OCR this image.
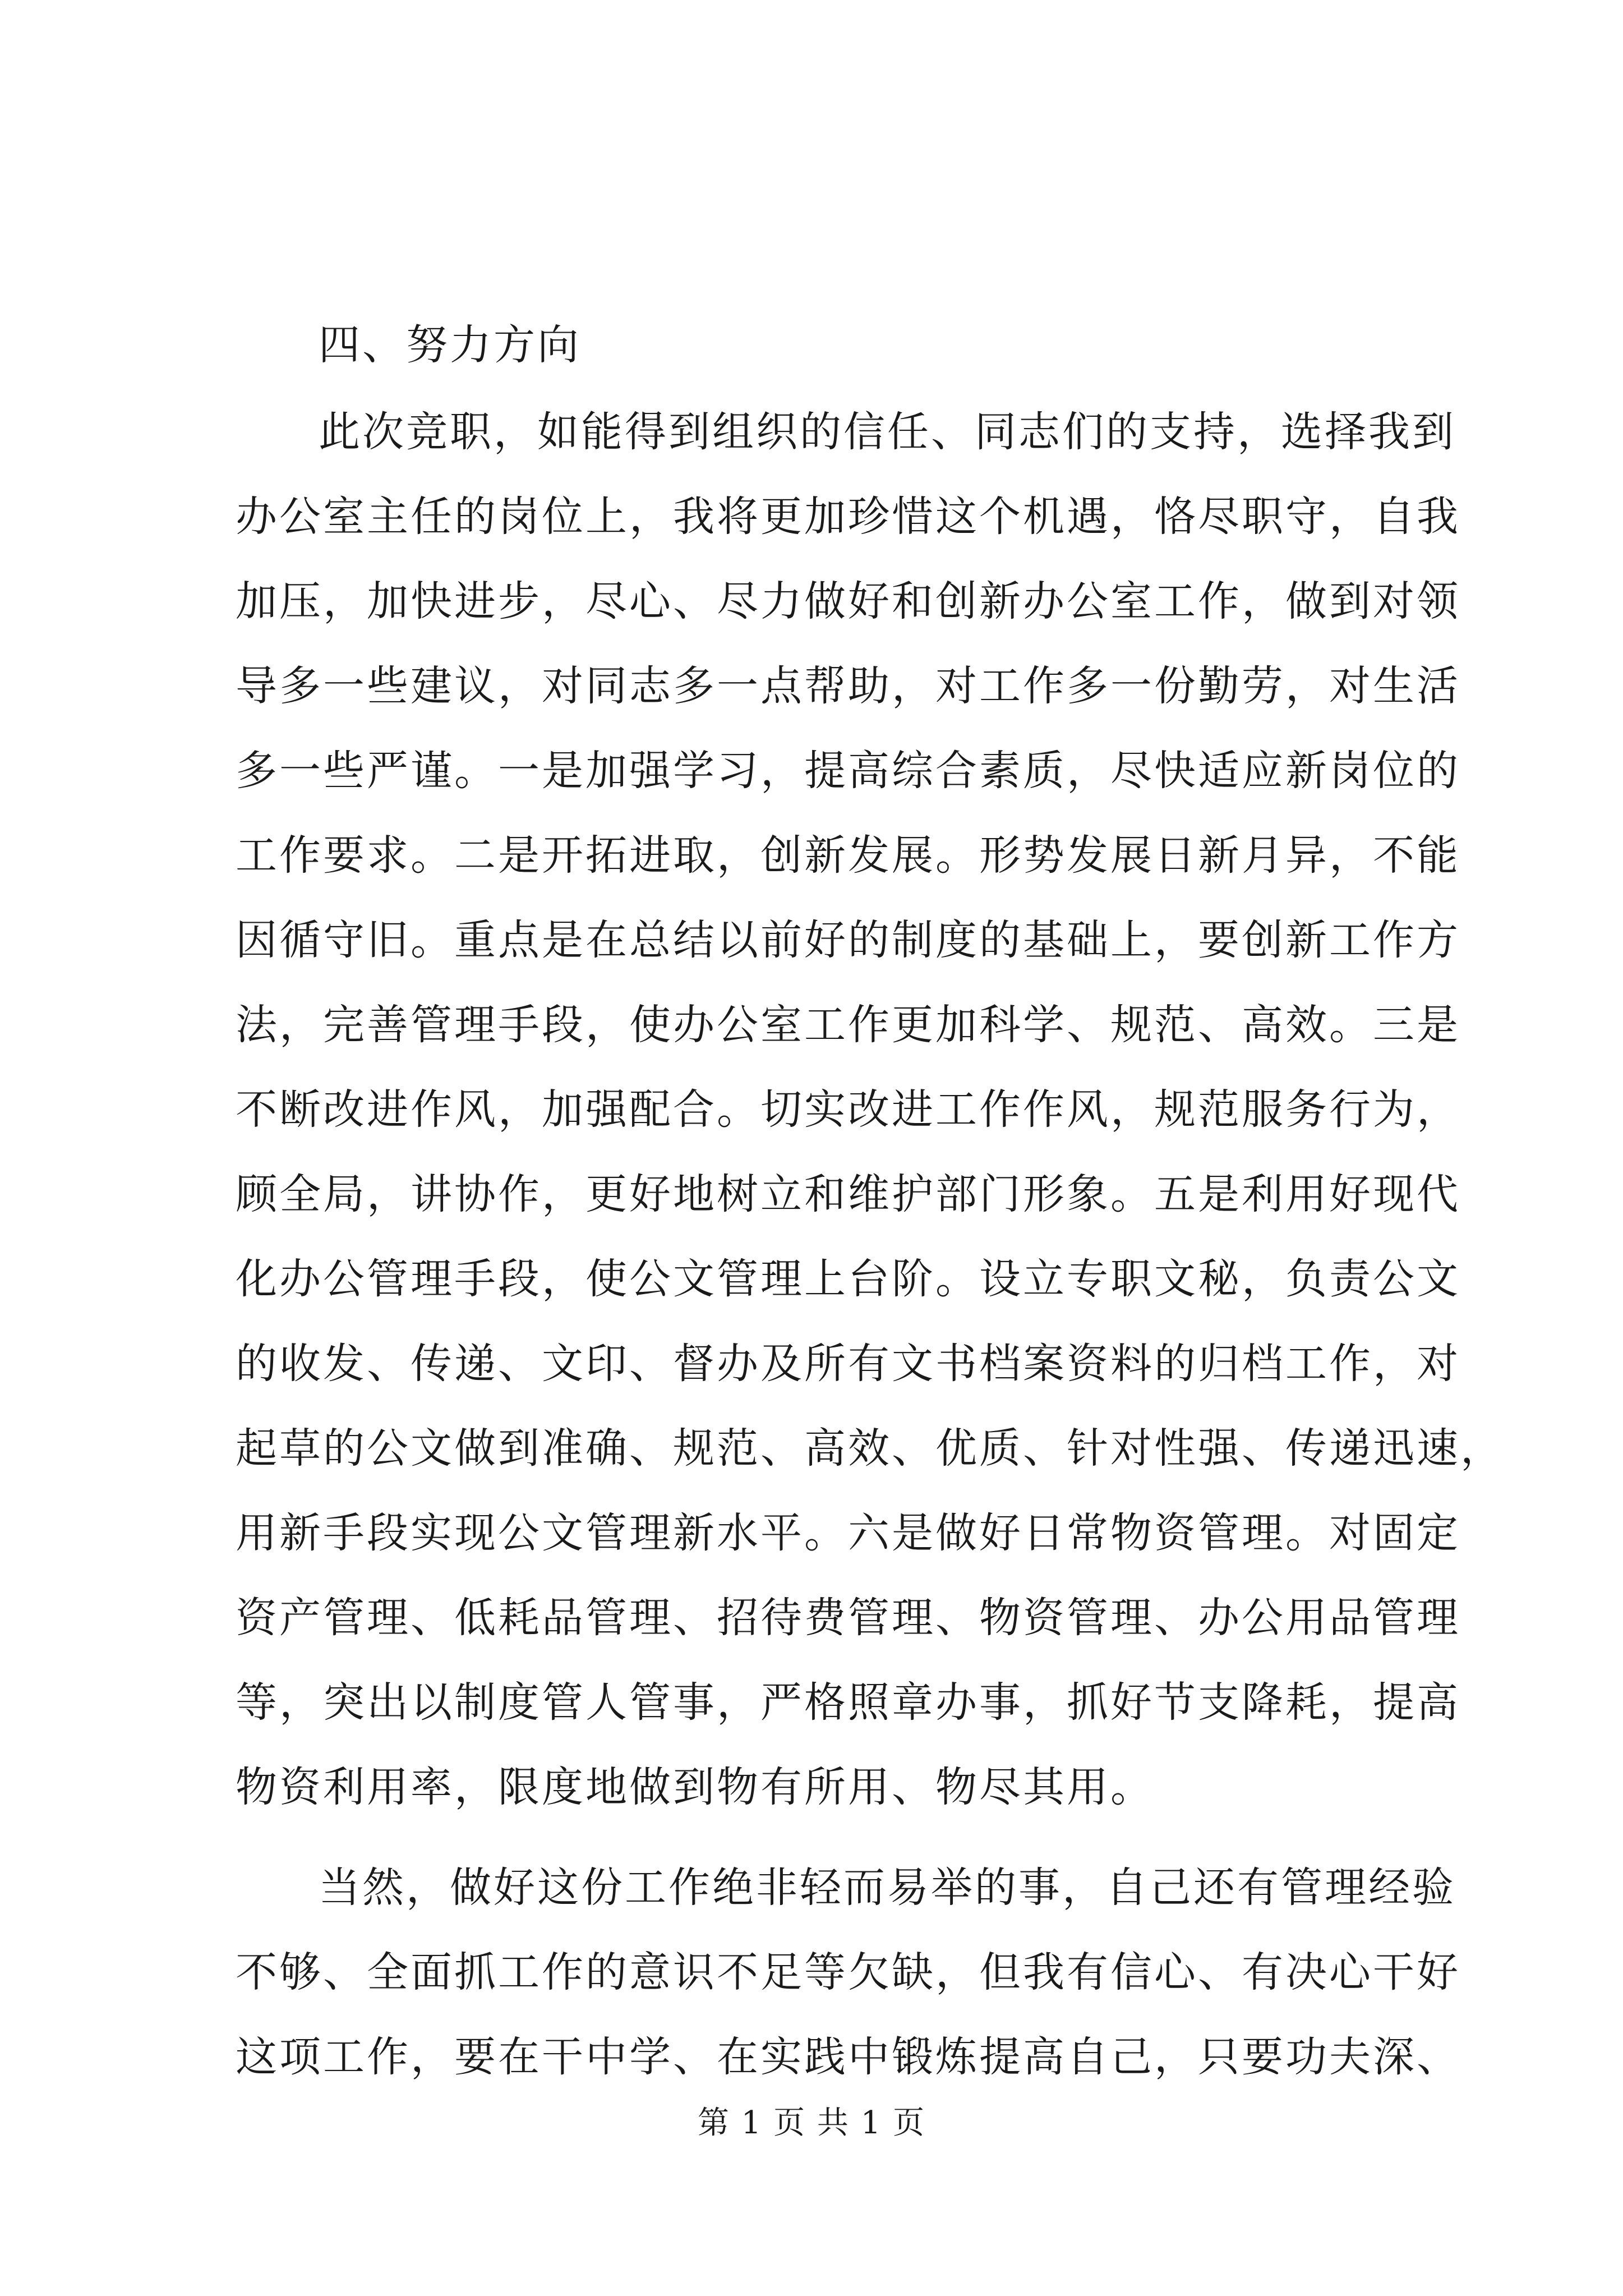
四、努力方向
此次竞职，如能得到组织的信任、同志们的支持，选择我到
办公室主任的岗位上，我将更加珍惜这个机遇，恪尽职守，自我
加压，加快进步，尽心、尽力做好和创新办公室工作，做到对领
导多一些建议，对同志多一点帮助，对工作多一份勤劳，对生活
多一些严谨。一是加强学习，提高综合素质，尽快适应新岗位的
工作要求。二是开拓进取，创新发展。形势发展日新月异，不能
因循守旧。重点是在总结以前好的制度的基础上，要创新工作方
法，完善管理手段，使办公室工作更加科学、规范、高效。三是
不断改进作风，加强配合。切实改进工作作风，规范服务行为，
顾全局，讲协作，更好地树立和维护部门形象。五是利用好现代
化办公管理手段，使公文管理上台阶。设立专职文秘，负责公文
的收发、传递、文印、督办及所有文书档案资料的归档工作，对
起草的公文做到准确、规范、高效、优质、针对性强、传递迅速，
用新手段实现公文管理新水平。六是做好日常物资管理。对固定
资产管理、低耗品管理、招待费管理、物资管理、办公用品管理
等，突出以制度管人管事，严格照章办事，抓好节支降耗，提高
物资利用率，限度地做到物有所用、物尽其用。
当然，做好这份工作绝非轻而易举的事，自己还有管理经验
不够、全面抓工作的意识不足等欠缺，但我有信心、有决心干好
这项工作，要在干中学、在实践中锻炼提高自己，只要功夫深、
第 1 页 共 1 页
